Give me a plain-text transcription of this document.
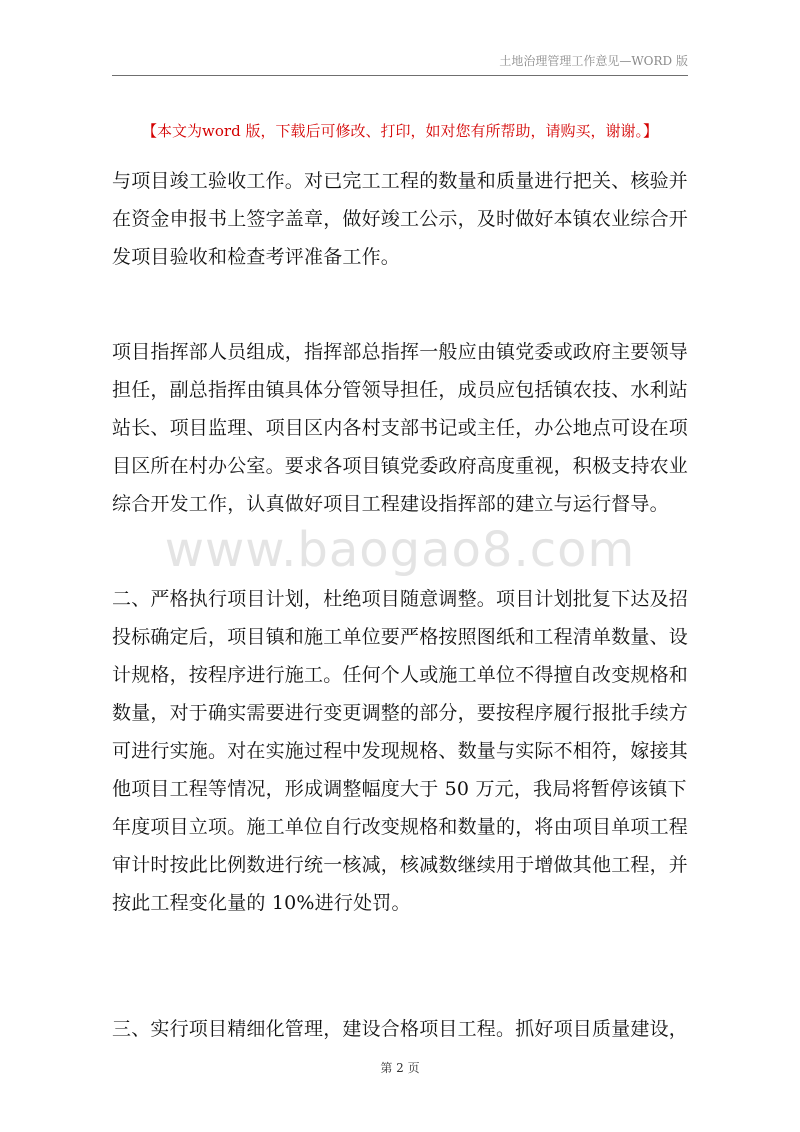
土地治理管理工作意见—WORD 版
【本文为word 版，下载后可修改、打印，如对您有所帮助，请购买，谢谢。】
www.baogao8.com
与项目竣工验收工作。对已完工工程的数量和质量进行把关、核验并
在资金申报书上签字盖章，做好竣工公示，及时做好本镇农业综合开
发项目验收和检查考评准备工作。
项目指挥部人员组成，指挥部总指挥一般应由镇党委或政府主要领导
担任，副总指挥由镇具体分管领导担任，成员应包括镇农技、水利站
站长、项目监理、项目区内各村支部书记或主任，办公地点可设在项
目区所在村办公室。要求各项目镇党委政府高度重视，积极支持农业
综合开发工作，认真做好项目工程建设指挥部的建立与运行督导。
二、严格执行项目计划，杜绝项目随意调整。项目计划批复下达及招
投标确定后，项目镇和施工单位要严格按照图纸和工程清单数量、设
计规格，按程序进行施工。任何个人或施工单位不得擅自改变规格和
数量，对于确实需要进行变更调整的部分，要按程序履行报批手续方
可进行实施。对在实施过程中发现规格、数量与实际不相符，嫁接其
他项目工程等情况，形成调整幅度大于 50 万元，我局将暂停该镇下
年度项目立项。施工单位自行改变规格和数量的，将由项目单项工程
审计时按此比例数进行统一核减，核减数继续用于增做其他工程，并
按此工程变化量的 10%进行处罚。
三、实行项目精细化管理，建设合格项目工程。抓好项目质量建设，
第 2 页
